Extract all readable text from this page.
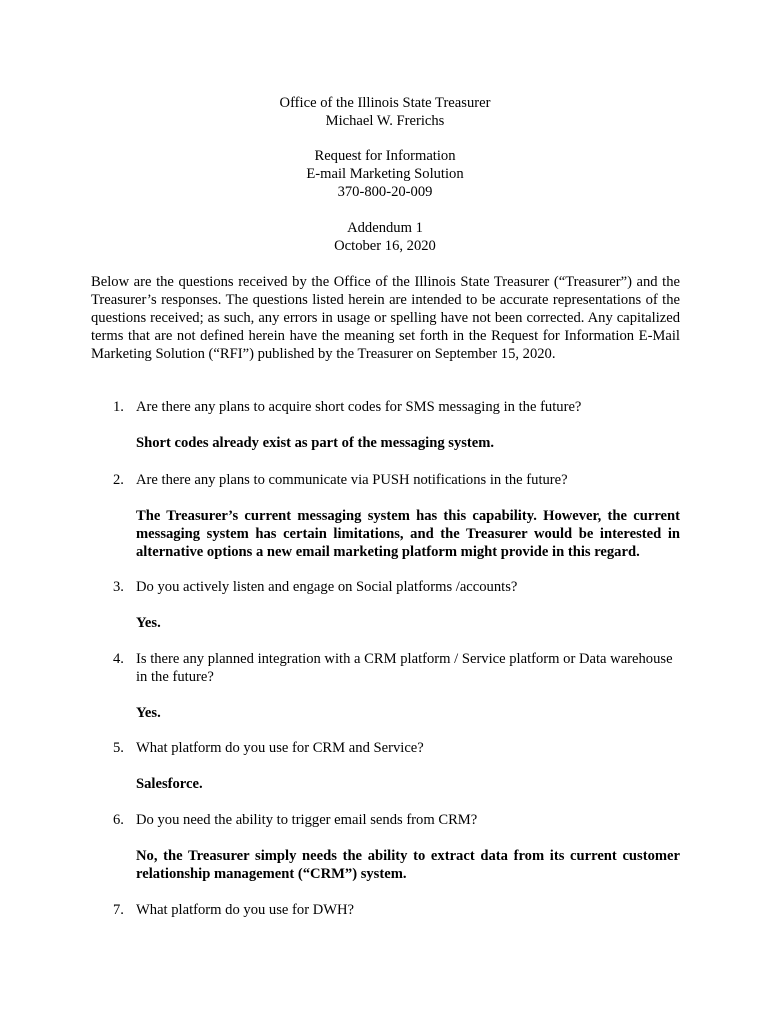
Office of the Illinois State Treasurer
Michael W. Frerichs
Request for Information
E-mail Marketing Solution
370-800-20-009
Addendum 1
October 16, 2020
Below are the questions received by the Office of the Illinois State Treasurer (“Treasurer”) and the Treasurer’s responses. The questions listed herein are intended to be accurate representations of the questions received; as such, any errors in usage or spelling have not been corrected. Any capitalized terms that are not defined herein have the meaning set forth in the Request for Information E-Mail Marketing Solution (“RFI”) published by the Treasurer on September 15, 2020.
1. Are there any plans to acquire short codes for SMS messaging in the future?
Short codes already exist as part of the messaging system.
2. Are there any plans to communicate via PUSH notifications in the future?
The Treasurer’s current messaging system has this capability. However, the current messaging system has certain limitations, and the Treasurer would be interested in alternative options a new email marketing platform might provide in this regard.
3. Do you actively listen and engage on Social platforms /accounts?
Yes.
4. Is there any planned integration with a CRM platform / Service platform or Data warehouse in the future?
Yes.
5. What platform do you use for CRM and Service?
Salesforce.
6. Do you need the ability to trigger email sends from CRM?
No, the Treasurer simply needs the ability to extract data from its current customer relationship management (“CRM”) system.
7. What platform do you use for DWH?
